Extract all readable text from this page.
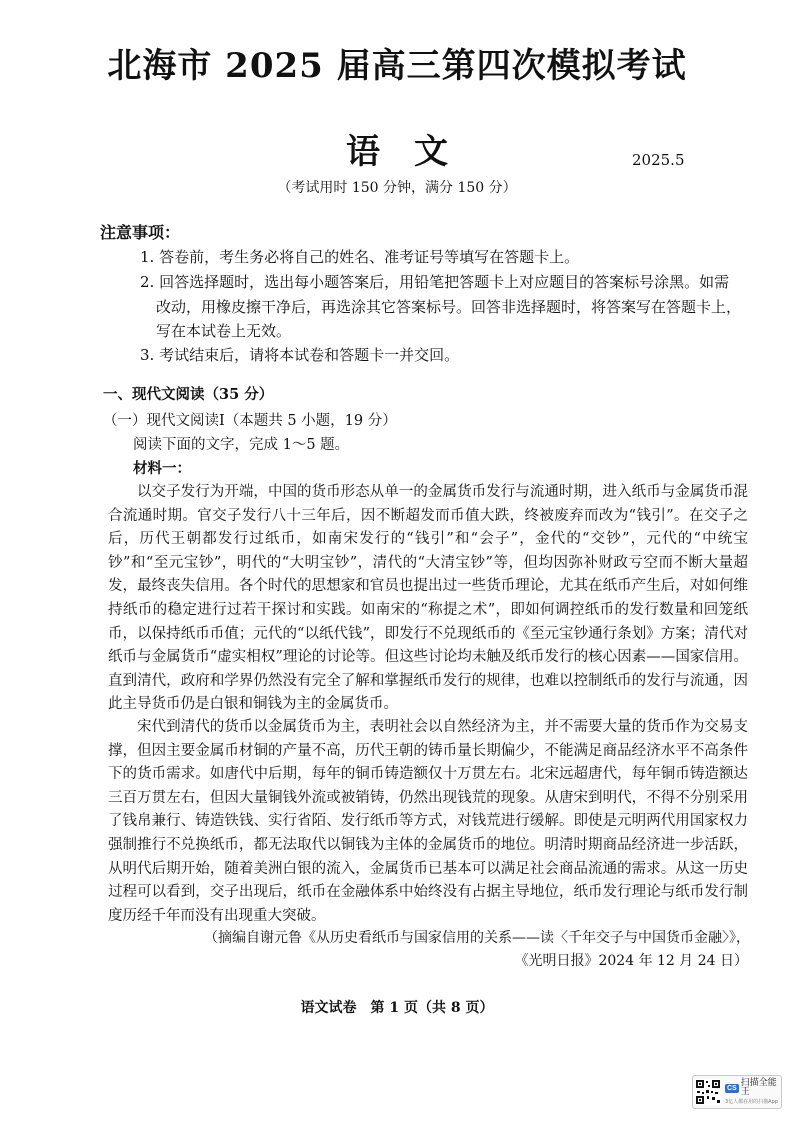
北海市 2025 届高三第四次模拟考试
语　文	2025.5
（考试用时 150 分钟，满分 150 分）
注意事项：
1. 答卷前，考生务必将自己的姓名、准考证号等填写在答题卡上。
2. 回答选择题时，选出每小题答案后，用铅笔把答题卡上对应题目的答案标号涂黑。如需
改动，用橡皮擦干净后，再选涂其它答案标号。回答非选择题时，将答案写在答题卡上，
写在本试卷上无效。
3. 考试结束后，请将本试卷和答题卡一并交回。
一、现代文阅读（35 分）
（一）现代文阅读Ⅰ（本题共 5 小题，19 分）
阅读下面的文字，完成 1～5 题。
材料一：

以交子发行为开端，中国的货币形态从单一的金属货币发行与流通时期，进入纸币与金属货币混合流通时期。官交子发行八十三年后，因不断超发而币值大跌，终被废弃而改为“钱引”。在交子之后，历代王朝都发行过纸币，如南宋发行的“钱引”和“会子”，金代的“交钞”，元代的“中统宝钞”和“至元宝钞”，明代的“大明宝钞”，清代的“大清宝钞”等，但均因弥补财政亏空而不断大量超发，最终丧失信用。各个时代的思想家和官员也提出过一些货币理论，尤其在纸币产生后，对如何维持纸币的稳定进行过若干探讨和实践。如南宋的“称提之术”，即如何调控纸币的发行数量和回笼纸币，以保持纸币币值；元代的“以纸代钱”，即发行不兑现纸币的《至元宝钞通行条划》方案；清代对纸币与金属货币“虚实相权”理论的讨论等。但这些讨论均未触及纸币发行的核心因素——国家信用。直到清代，政府和学界仍然没有完全了解和掌握纸币发行的规律，也难以控制纸币的发行与流通，因此主导货币仍是白银和铜钱为主的金属货币。

宋代到清代的货币以金属货币为主，表明社会以自然经济为主，并不需要大量的货币作为交易支撑，但因主要金属币材铜的产量不高，历代王朝的铸币量长期偏少，不能满足商品经济水平不高条件下的货币需求。如唐代中后期，每年的铜币铸造额仅十万贯左右。北宋远超唐代，每年铜币铸造额达三百万贯左右，但因大量铜钱外流或被销铸，仍然出现钱荒的现象。从唐宋到明代，不得不分别采用了钱帛兼行、铸造铁钱、实行省陌、发行纸币等方式，对钱荒进行缓解。即使是元明两代用国家权力强制推行不兑换纸币，都无法取代以铜钱为主体的金属货币的地位。明清时期商品经济进一步活跃，从明代后期开始，随着美洲白银的流入，金属货币已基本可以满足社会商品流通的需求。从这一历史过程可以看到，交子出现后，纸币在金融体系中始终没有占据主导地位，纸币发行理论与纸币发行制度历经千年而没有出现重大突破。

（摘编自谢元鲁《从历史看纸币与国家信用的关系——读〈千年交子与中国货币金融〉》，
《光明日报》2024 年 12 月 24 日）
语文试卷　第 1 页（共 8 页）
CS 扫描全能王
3亿人都在用的扫描App
